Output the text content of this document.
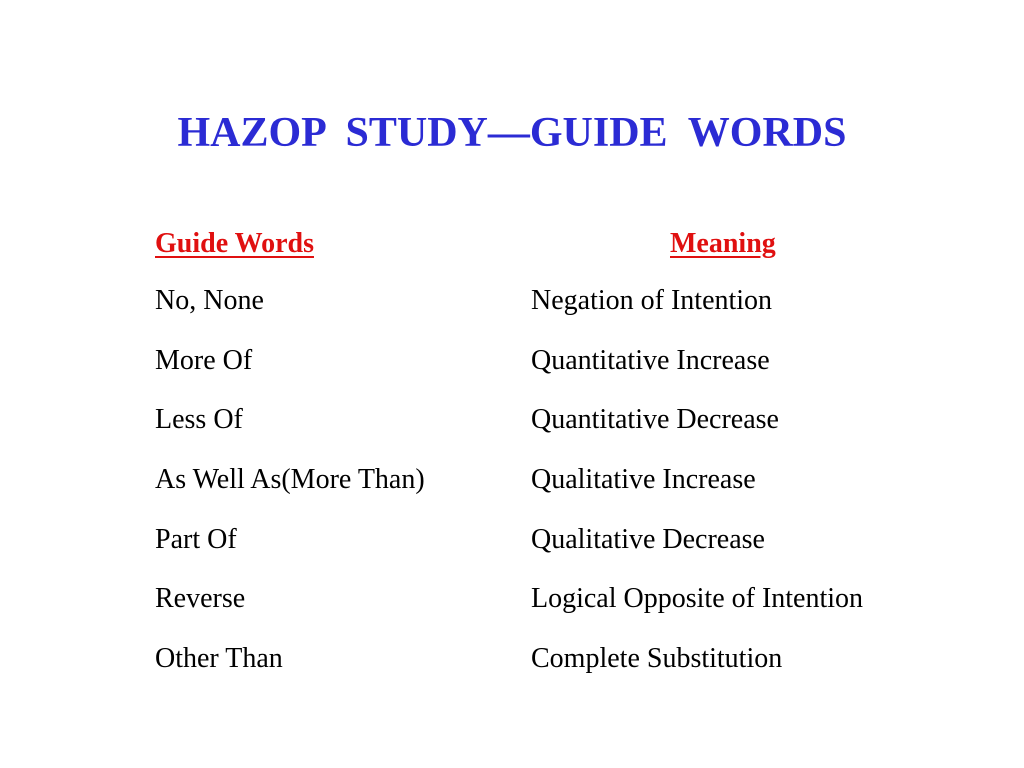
HAZOP  STUDY—GUIDE  WORDS
Guide Words	Meaning
No, None	Negation of Intention
More Of	Quantitative Increase
Less Of	Quantitative Decrease
As Well As(More Than)	Qualitative Increase
Part Of	Qualitative Decrease
Reverse	Logical Opposite of Intention
Other Than	Complete Substitution
